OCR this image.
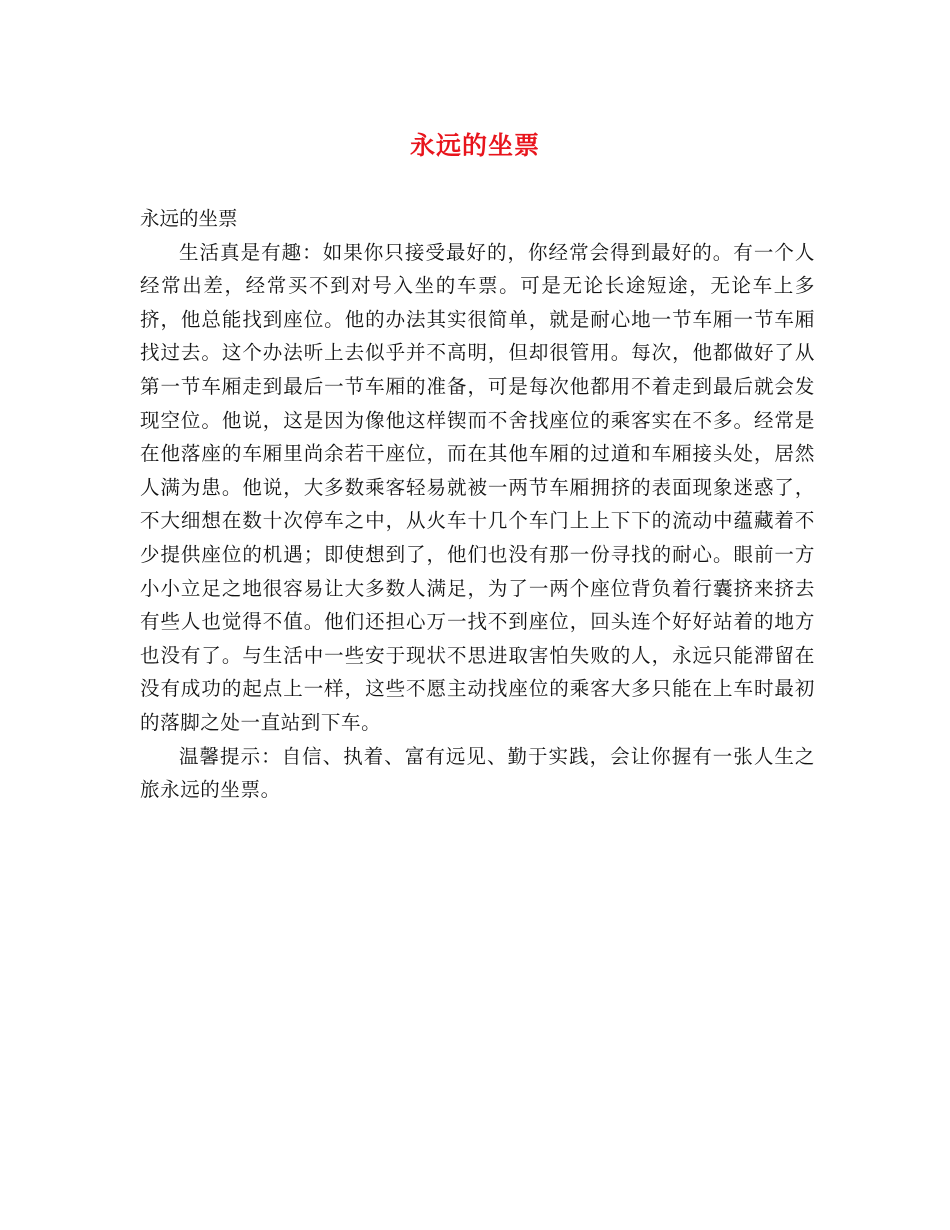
永远的坐票

永远的坐票

生活真是有趣：如果你只接受最好的，你经常会得到最好的。有一个人经常出差，经常买不到对号入坐的车票。可是无论长途短途，无论车上多挤，他总能找到座位。他的办法其实很简单，就是耐心地一节车厢一节车厢找过去。这个办法听上去似乎并不高明，但却很管用。每次，他都做好了从第一节车厢走到最后一节车厢的准备，可是每次他都用不着走到最后就会发现空位。他说，这是因为像他这样锲而不舍找座位的乘客实在不多。经常是在他落座的车厢里尚余若干座位，而在其他车厢的过道和车厢接头处，居然人满为患。他说，大多数乘客轻易就被一两节车厢拥挤的表面现象迷惑了，不大细想在数十次停车之中，从火车十几个车门上上下下的流动中蕴藏着不少提供座位的机遇；即使想到了，他们也没有那一份寻找的耐心。眼前一方小小立足之地很容易让大多数人满足，为了一两个座位背负着行囊挤来挤去有些人也觉得不值。他们还担心万一找不到座位，回头连个好好站着的地方也没有了。与生活中一些安于现状不思进取害怕失败的人，永远只能滞留在没有成功的起点上一样，这些不愿主动找座位的乘客大多只能在上车时最初的落脚之处一直站到下车。

温馨提示：自信、执着、富有远见、勤于实践，会让你握有一张人生之旅永远的坐票。
